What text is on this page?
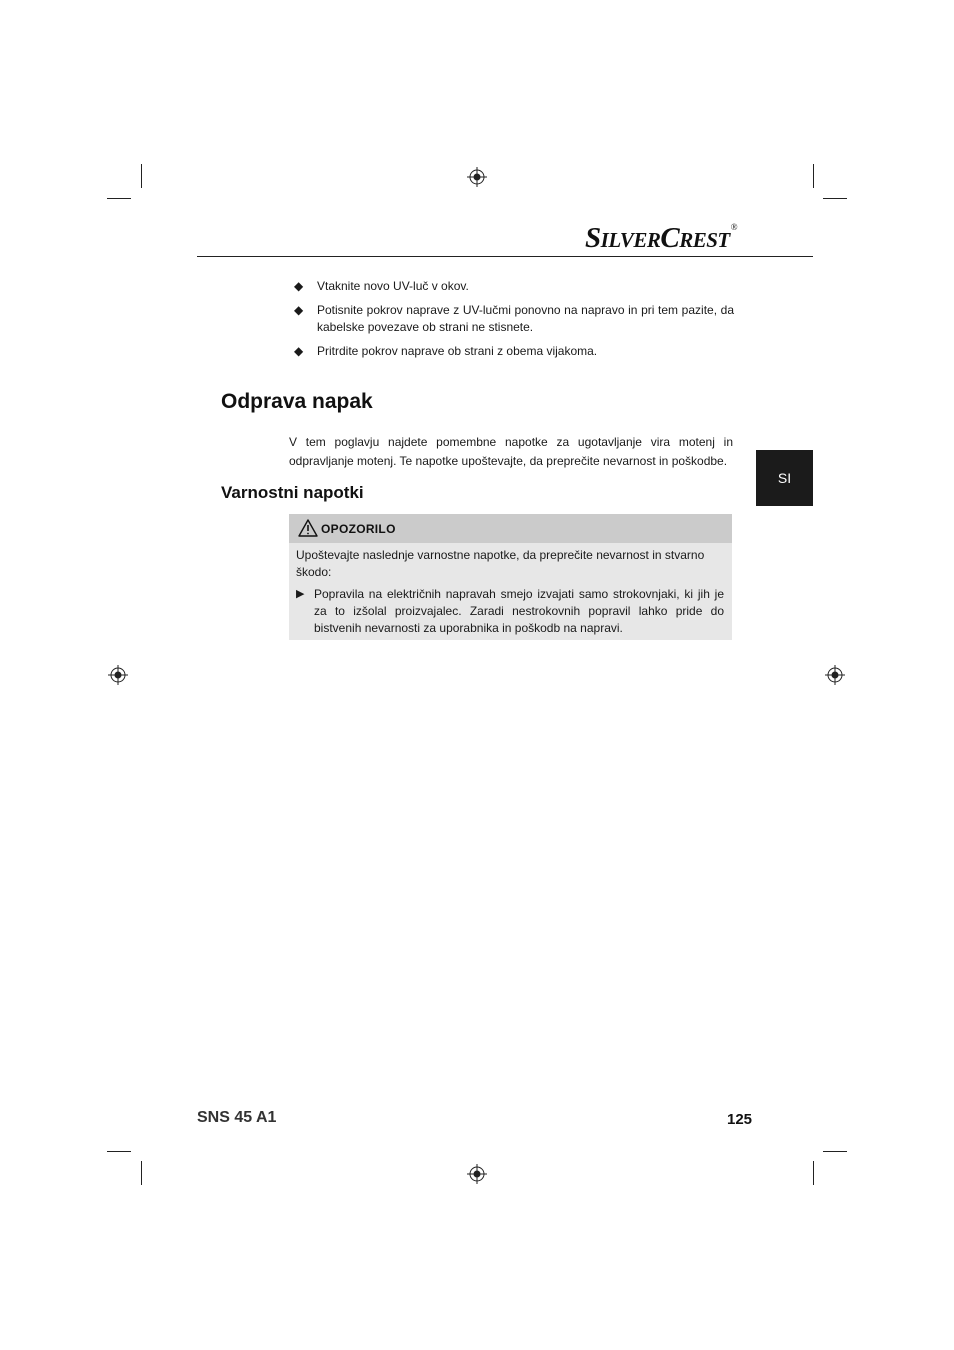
SILVERCREST®
◆ Vtaknite novo UV-luč v okov.
◆ Potisnite pokrov naprave z UV-lučmi ponovno na napravo in pri tem pazite, da kabelske povezave ob strani ne stisnete.
◆ Pritrdite pokrov naprave ob strani z obema vijakoma.
Odprava napak
V tem poglavju najdete pomembne napotke za ugotavljanje vira motenj in odpravljanje motenj. Te napotke upoštevajte, da preprečite nevarnost in poškodbe.
SI
Varnostni napotki
OPOZORILO
Upoštevajte naslednje varnostne napotke, da preprečite nevarnost in stvarno škodo:
▶ Popravila na električnih napravah smejo izvajati samo strokovnjaki, ki jih je za to izšolal proizvajalec. Zaradi nestrokovnih popravil lahko pride do bistvenih nevarnosti za uporabnika in poškodb na napravi.
SNS 45 A1	125
